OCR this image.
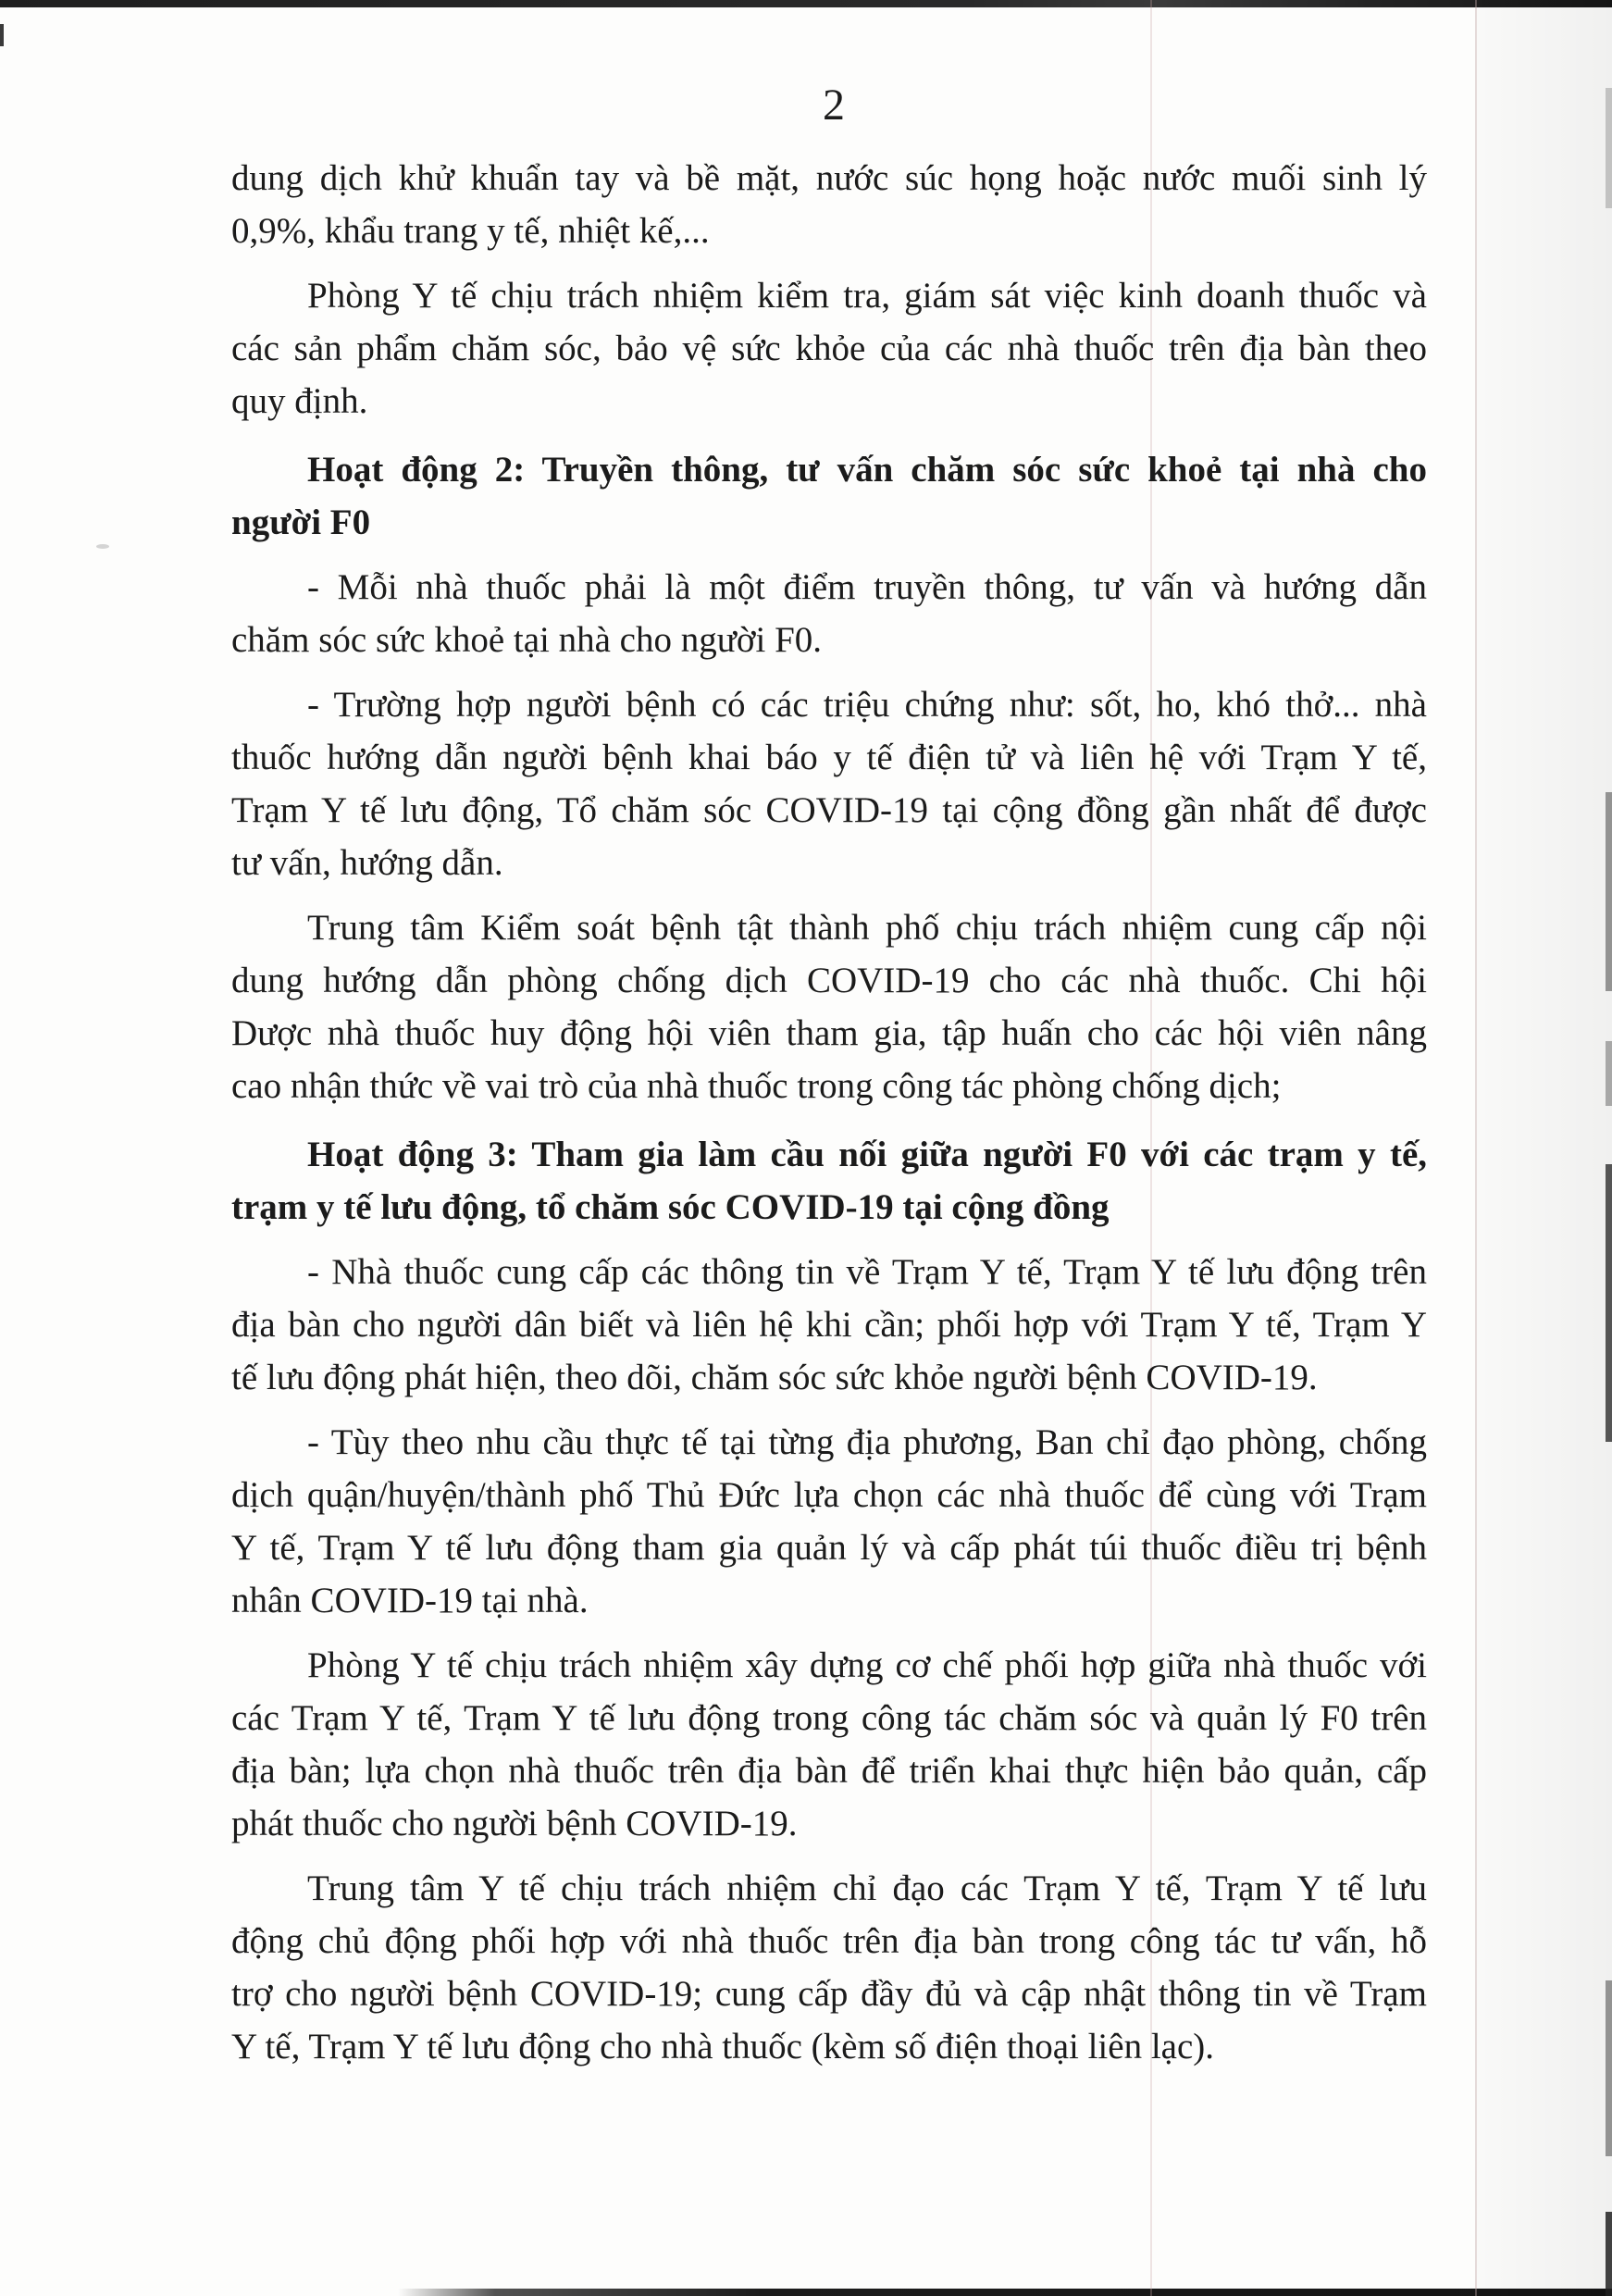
2
dung dịch khử khuẩn tay và bề mặt, nước súc họng hoặc nước muối sinh lý
0,9%, khẩu trang y tế, nhiệt kế,...
Phòng Y tế chịu trách nhiệm kiểm tra, giám sát việc kinh doanh thuốc và
các sản phẩm chăm sóc, bảo vệ sức khỏe của các nhà thuốc trên địa bàn theo
quy định.
Hoạt động 2: Truyền thông, tư vấn chăm sóc sức khoẻ tại nhà cho
người F0
- Mỗi nhà thuốc phải là một điểm truyền thông, tư vấn và hướng dẫn
chăm sóc sức khoẻ tại nhà cho người F0.
- Trường hợp người bệnh có các triệu chứng như: sốt, ho, khó thở... nhà
thuốc hướng dẫn người bệnh khai báo y tế điện tử và liên hệ với Trạm Y tế,
Trạm Y tế lưu động, Tổ chăm sóc COVID-19 tại cộng đồng gần nhất để được
tư vấn, hướng dẫn.
Trung tâm Kiểm soát bệnh tật thành phố chịu trách nhiệm cung cấp nội
dung hướng dẫn phòng chống dịch COVID-19 cho các nhà thuốc. Chi hội
Dược nhà thuốc huy động hội viên tham gia, tập huấn cho các hội viên nâng
cao nhận thức về vai trò của nhà thuốc trong công tác phòng chống dịch;
Hoạt động 3: Tham gia làm cầu nối giữa người F0 với các trạm y tế,
trạm y tế lưu động, tổ chăm sóc COVID-19 tại cộng đồng
- Nhà thuốc cung cấp các thông tin về Trạm Y tế, Trạm Y tế lưu động trên
địa bàn cho người dân biết và liên hệ khi cần; phối hợp với Trạm Y tế, Trạm Y
tế lưu động phát hiện, theo dõi, chăm sóc sức khỏe người bệnh COVID-19.
- Tùy theo nhu cầu thực tế tại từng địa phương, Ban chỉ đạo phòng, chống
dịch quận/huyện/thành phố Thủ Đức lựa chọn các nhà thuốc để cùng với Trạm
Y tế, Trạm Y tế lưu động tham gia quản lý và cấp phát túi thuốc điều trị bệnh
nhân COVID-19 tại nhà.
Phòng Y tế chịu trách nhiệm xây dựng cơ chế phối hợp giữa nhà thuốc với
các Trạm Y tế, Trạm Y tế lưu động trong công tác chăm sóc và quản lý F0 trên
địa bàn; lựa chọn nhà thuốc trên địa bàn để triển khai thực hiện bảo quản, cấp
phát thuốc cho người bệnh COVID-19.
Trung tâm Y tế chịu trách nhiệm chỉ đạo các Trạm Y tế, Trạm Y tế lưu
động chủ động phối hợp với nhà thuốc trên địa bàn trong công tác tư vấn, hỗ
trợ cho người bệnh COVID-19; cung cấp đầy đủ và cập nhật thông tin về Trạm
Y tế, Trạm Y tế lưu động cho nhà thuốc (kèm số điện thoại liên lạc).
